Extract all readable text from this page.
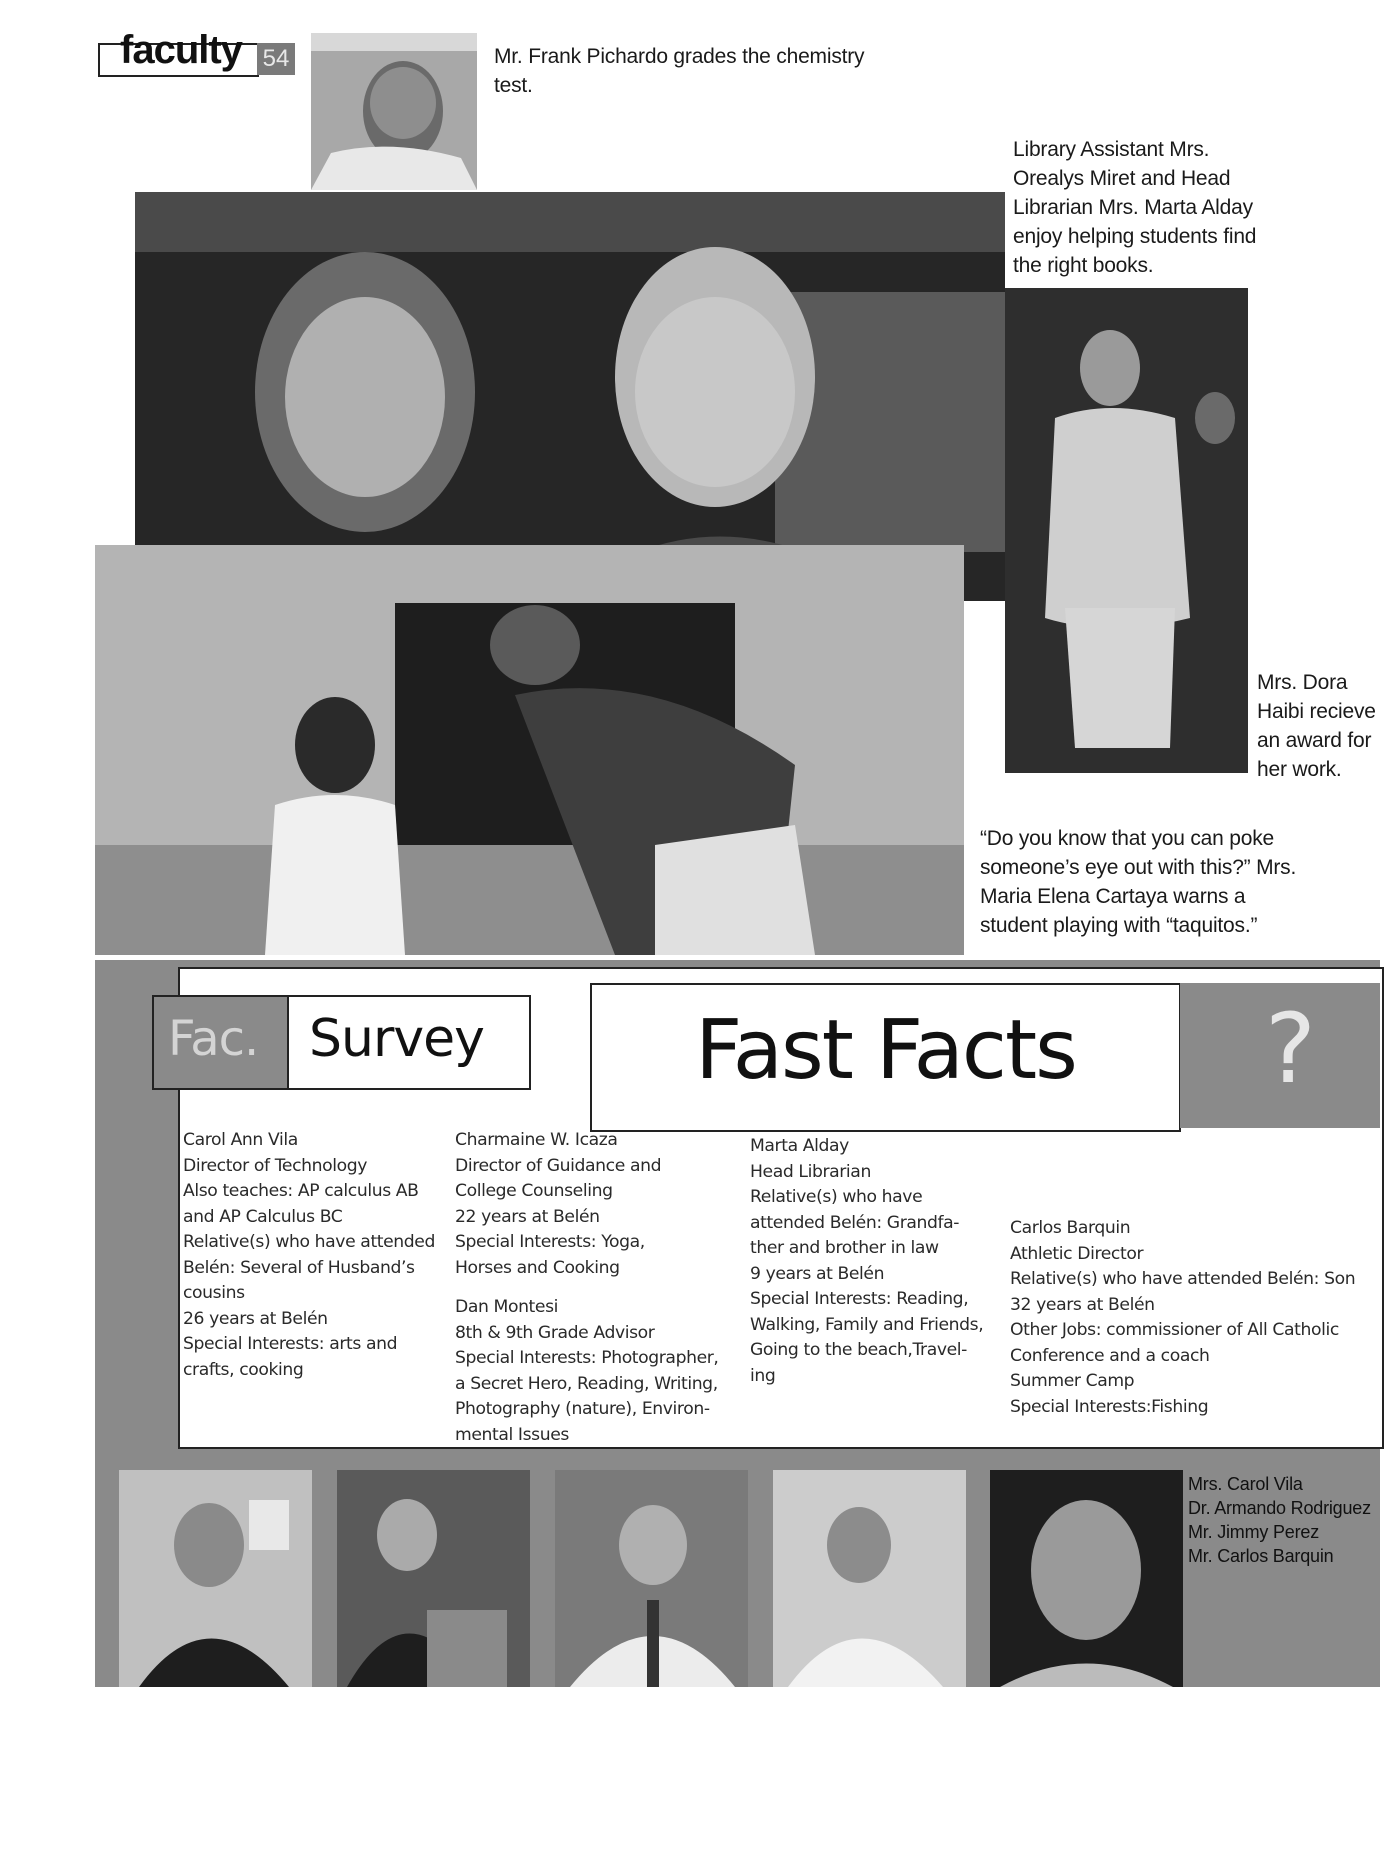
faculty 54	Mr. Frank Pichardo grades the chemistry
test.
Library Assistant Mrs.
Orealys Miret and Head
Librarian Mrs. Marta Alday
enjoy helping students find
the right books.
Mrs. Dora
Haibi recieve
an award for
her work.
“Do you know that you can poke
someone’s eye out with this?” Mrs.
Maria Elena Cartaya warns a
student playing with “taquitos.”
Fac. Survey	Fast Facts	?
Carol Ann Vila
Director of Technology
Also teaches: AP calculus AB
and AP Calculus BC
Relative(s) who have attended
Belén: Several of Husband’s
cousins
26 years at Belén
Special Interests: arts and
crafts, cooking
Charmaine W. Icaza
Director of Guidance and
College Counseling
22 years at Belén
Special Interests: Yoga,
Horses and Cooking
Dan Montesi
8th & 9th Grade Advisor
Special Interests: Photographer,
a Secret Hero, Reading, Writing,
Photography (nature), Environ-
mental Issues
Marta Alday
Head Librarian
Relative(s) who have
attended Belén: Grandfa-
ther and brother in law
9 years at Belén
Special Interests: Reading,
Walking, Family and Friends,
Going to the beach,Travel-
ing
Carlos Barquin
Athletic Director
Relative(s) who have attended Belén: Son
32 years at Belén
Other Jobs: commissioner of All Catholic
Conference and a coach
Summer Camp
Special Interests:Fishing
Mrs. Carol Vila
Dr. Armando Rodriguez
Mr. Jimmy Perez
Mr. Carlos Barquin
